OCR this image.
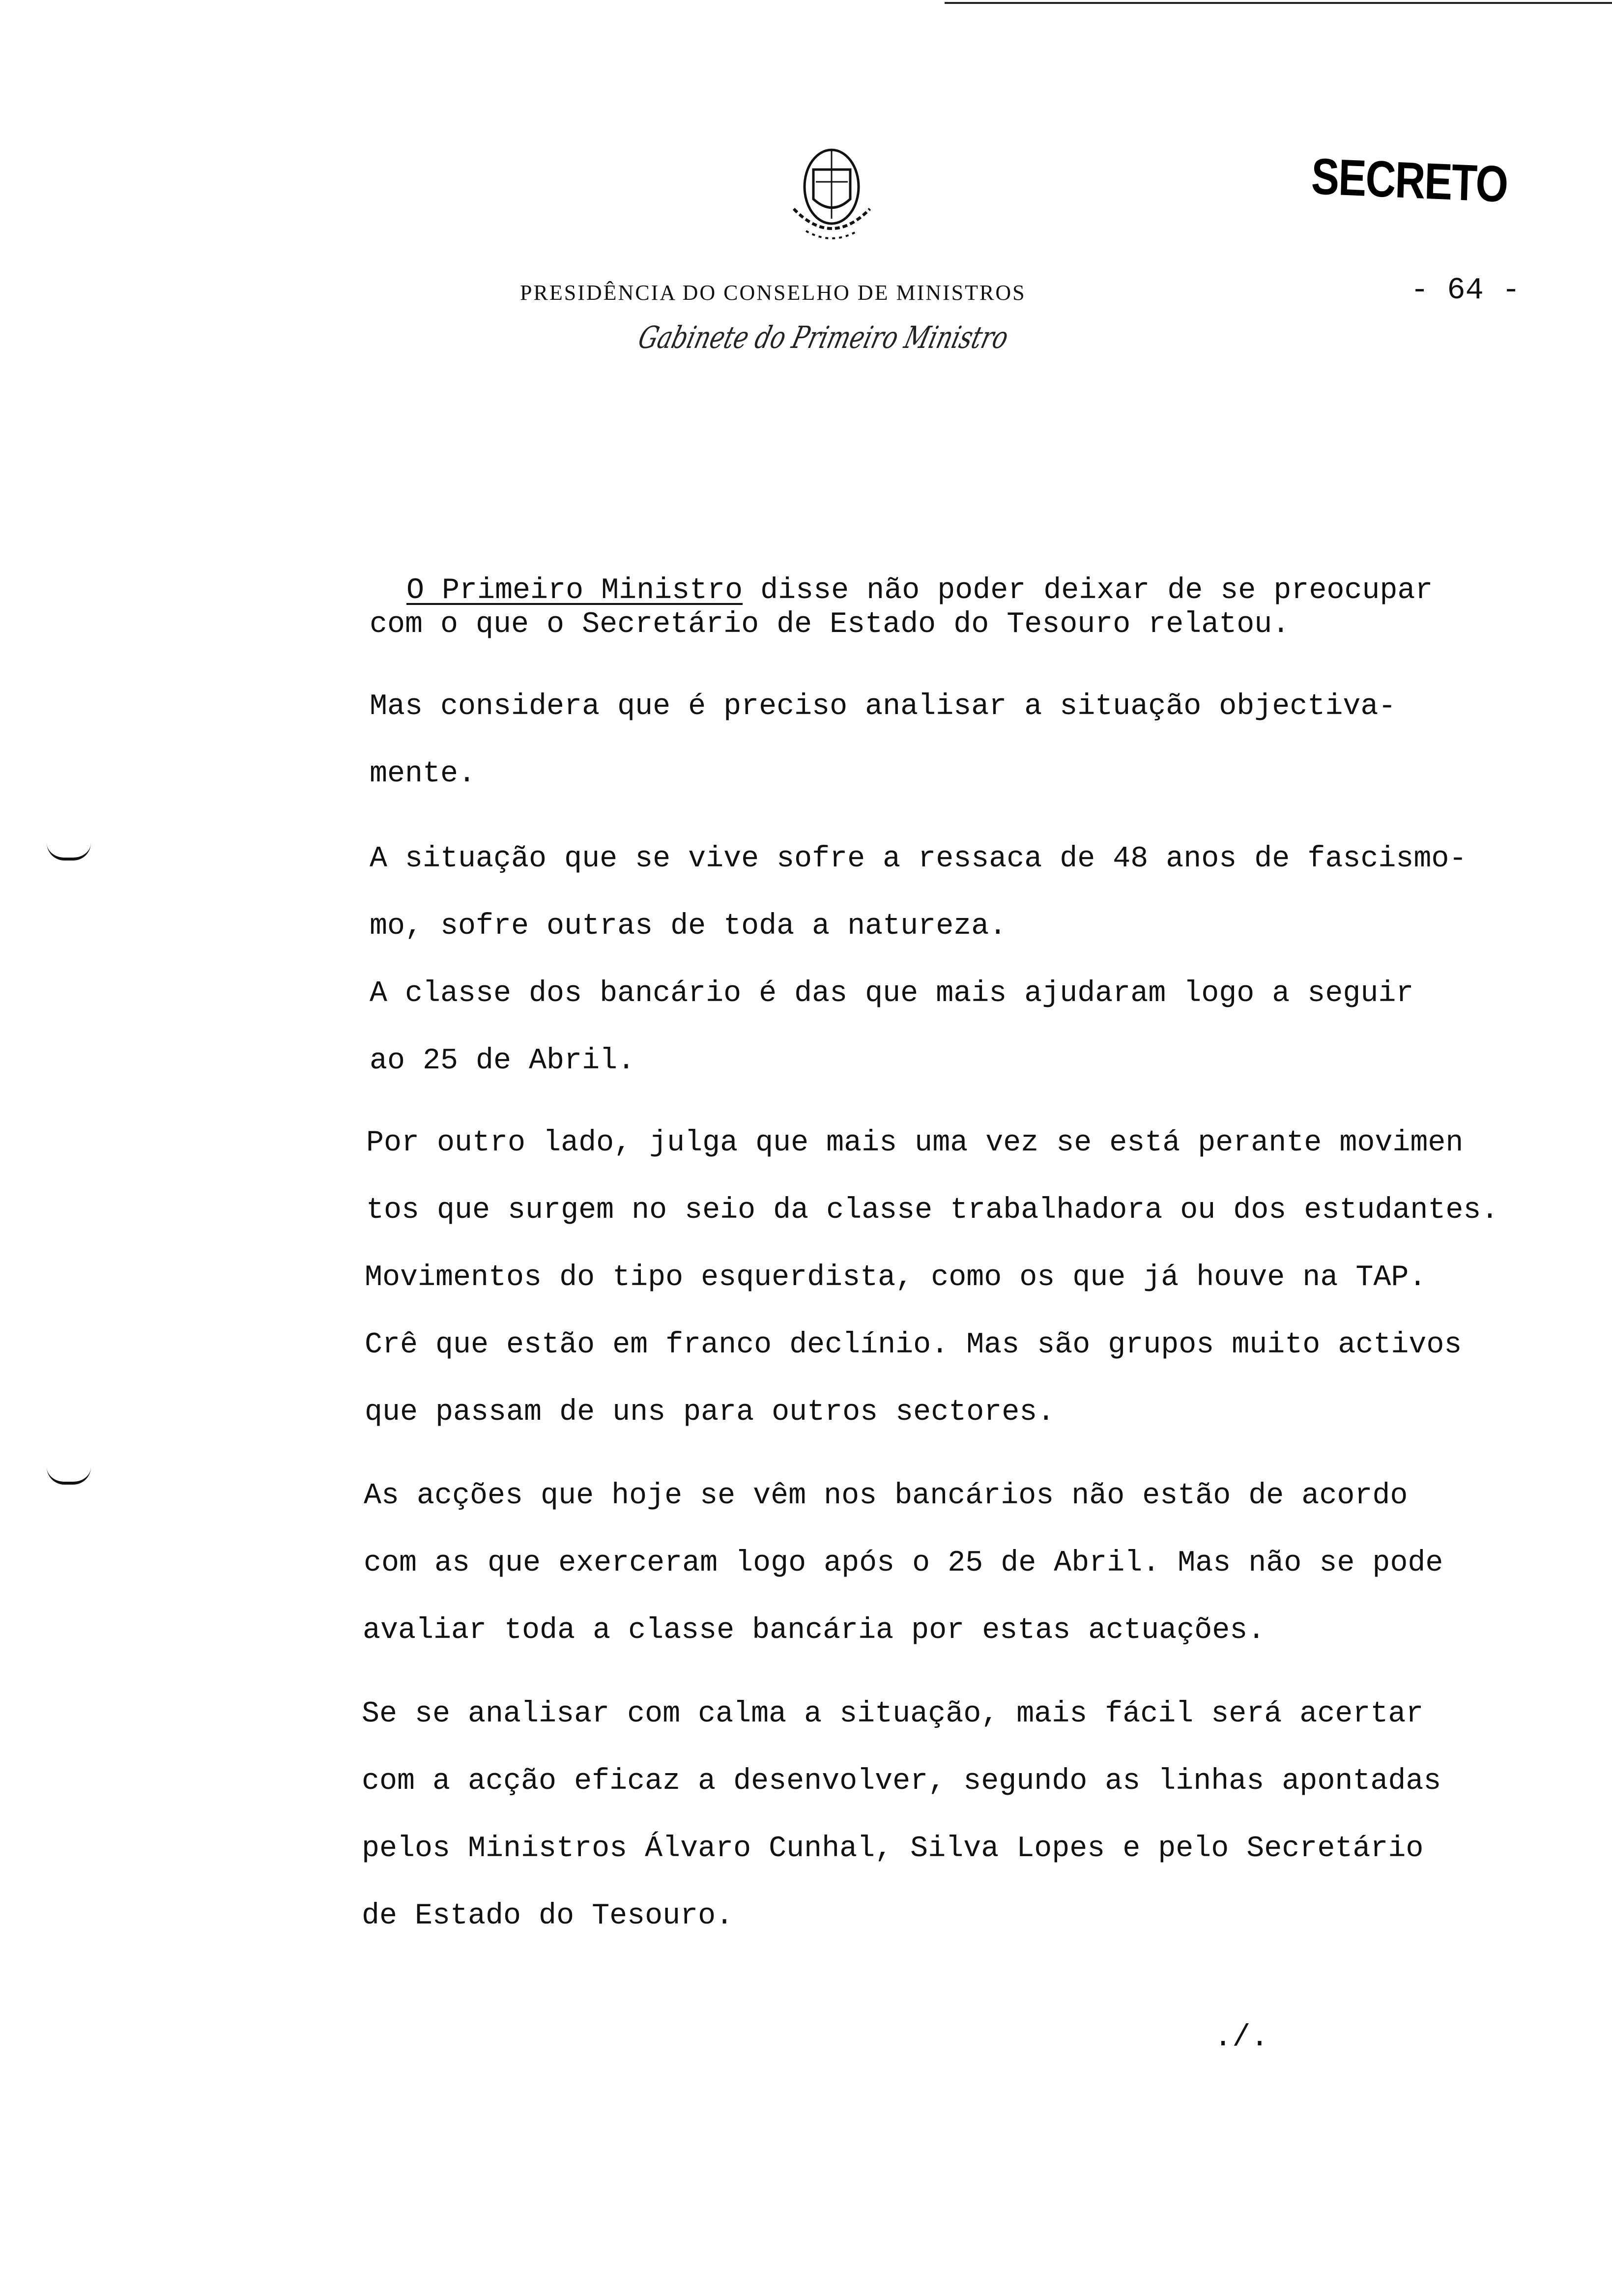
SECRETO
- 64 -
PRESIDÊNCIA DO CONSELHO DE MINISTROS
Gabinete do Primeiro Ministro

O Primeiro Ministro disse não poder deixar de se preocupar

com o que o Secretário de Estado do Tesouro relatou.
Mas considera que é preciso analisar a situação objectiva-
mente.
A situação que se vive sofre a ressaca de 48 anos de fascismo-
mo, sofre outras de toda a natureza.
A classe dos bancário é das que mais ajudaram logo a seguir
ao 25 de Abril.
Por outro lado, julga que mais uma vez se está perante movimen
tos que surgem no seio da classe trabalhadora ou dos estudantes.
Movimentos do tipo esquerdista, como os que já houve na TAP.
Crê que estão em franco declínio. Mas são grupos muito activos
que passam de uns para outros sectores.
As acções que hoje se vêm nos bancários não estão de acordo
com as que exerceram logo após o 25 de Abril. Mas não se pode
avaliar toda a classe bancária por estas actuações.
Se se analisar com calma a situação, mais fácil será acertar
com a acção eficaz a desenvolver, segundo as linhas apontadas
pelos Ministros Álvaro Cunhal, Silva Lopes e pelo Secretário
de Estado do Tesouro.
./.
